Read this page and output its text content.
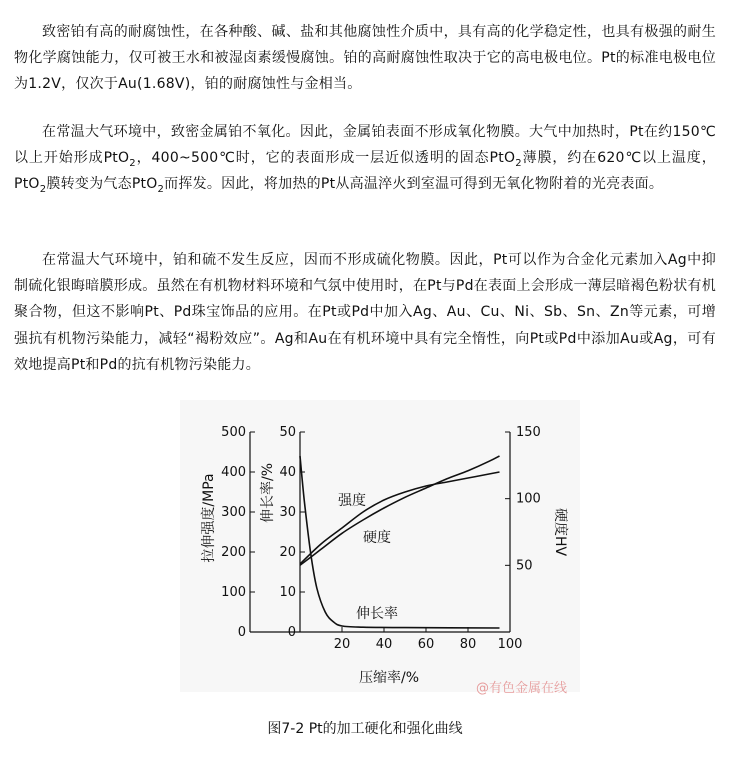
致密铂有高的耐腐蚀性，在各种酸、碱、盐和其他腐蚀性介质中，具有高的化学稳定性，也具有极强的耐生物化学腐蚀能力，仅可被王水和被湿卤素缓慢腐蚀。铂的高耐腐蚀性取决于它的高电极电位。Pt的标准电极电位为1.2V，仅次于Au(1.68V)，铂的耐腐蚀性与金相当。

在常温大气环境中，致密金属铂不氧化。因此，金属铂表面不形成氧化物膜。大气中加热时，Pt在约150℃以上开始形成PtO$_2$，400~500℃时，它的表面形成一层近似透明的固态PtO$_2$薄膜，约在620℃以上温度，PtO$_2$膜转变为气态PtO$_2$而挥发。因此，将加热的Pt从高温淬火到室温可得到无氧化物附着的光亮表面。

在常温大气环境中，铂和硫不发生反应，因而不形成硫化物膜。因此，Pt可以作为合金化元素加入Ag中抑制硫化银晦暗膜形成。虽然在有机物材料环境和气氛中使用时，在Pt与Pd在表面上会形成一薄层暗褐色粉状有机聚合物，但这不影响Pt、Pd珠宝饰品的应用。在Pt或Pd中加入Ag、Au、Cu、Ni、Sb、Sn、Zn等元素，可增强抗有机物污染能力，减轻“褐粉效应”。Ag和Au在有机环境中具有完全惰性，向Pt或Pd中添加Au或Ag，可有效地提高Pt和Pd的抗有机物污染能力。

压缩率/%
拉伸强度/MPa	伸长率/%
硬度HV
强度
硬度
伸长率
0
100
200
300
400
500
0
10
20
30
40
50
50
100
150
20 40 60 80 100
@有色金属在线
图7-2 Pt的加工硬化和强化曲线
